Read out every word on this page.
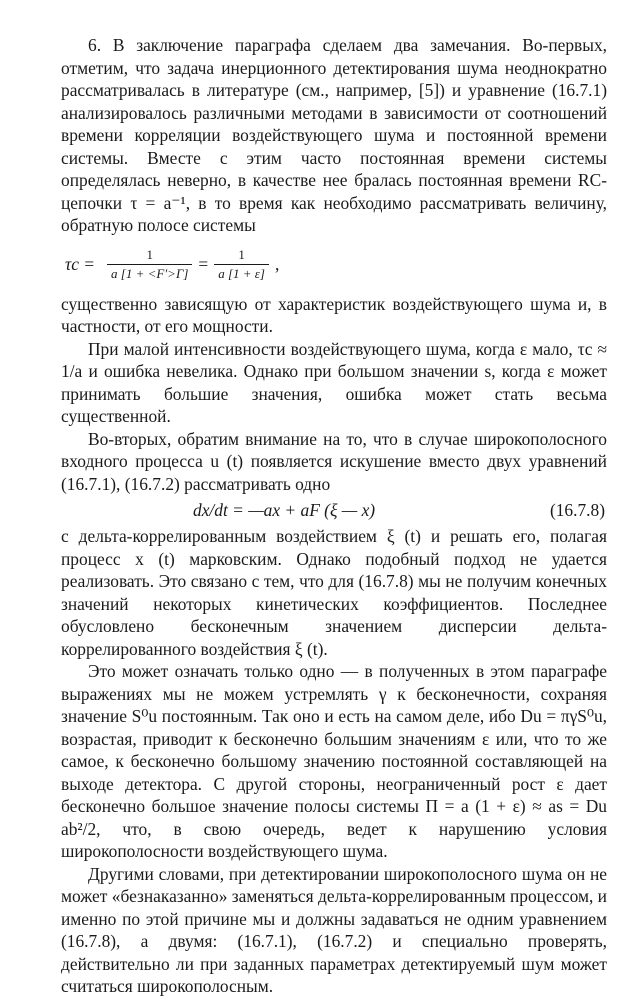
6. В заключение параграфа сделаем два замечания. Во-первых, отметим, что задача инерционного детектирования шума неоднократно рассматривалась в литературе (см., например, [5]) и уравнение (16.7.1) анализировалось различными методами в зависимости от соотношений времени корреляции воздействующего шума и постоянной времени системы. Вместе с этим часто постоянная времени системы определялась неверно, в качестве нее бралась постоянная времени RC-цепочки τ = a⁻¹, в то время как необходимо рассматривать величину, обратную полосе системы

$\tau c = \frac{1}{a [1 + <F'>\Gamma]} = \frac{1}{a [1 + \varepsilon]}$ ,

существенно зависящую от характеристик воздействующего шума и, в частности, от его мощности.

При малой интенсивности воздействующего шума, когда ε мало, τc ≈ 1/a и ошибка невелика. Однако при большом значении s, когда ε может принимать большие значения, ошибка может стать весьма существенной.

Во-вторых, обратим внимание на то, что в случае широкополосного входного процесса u (t) появляется искушение вместо двух уравнений (16.7.1), (16.7.2) рассматривать одно

dx/dt = —ax + aF (ξ — x)	(16.7.8)

с дельта-коррелированным воздействием ξ (t) и решать его, полагая процесс x (t) марковским. Однако подобный подход не удается реализовать. Это связано с тем, что для (16.7.8) мы не получим конечных значений некоторых кинетических коэффициентов. Последнее обусловлено бесконечным значением дисперсии дельта-коррелированного воздействия ξ (t).

Это может означать только одно — в полученных в этом параграфе выражениях мы не можем устремлять γ к бесконечности, сохраняя значение S⁰u постоянным. Так оно и есть на самом деле, ибо Du = πγS⁰u, возрастая, приводит к бесконечно большим значениям ε или, что то же самое, к бесконечно большому значению постоянной составляющей на выходе детектора. С другой стороны, неограниченный рост ε дает бесконечно большое значение полосы системы Π = a (1 + ε) ≈ as = Du ab²/2, что, в свою очередь, ведет к нарушению условия широкополосности воздействующего шума.

Другими словами, при детектировании широкополосного шума он не может «безнаказанно» заменяться дельта-коррелированным процессом, и именно по этой причине мы и должны задаваться не одним уравнением (16.7.8), а двумя: (16.7.1), (16.7.2) и специально проверять, действительно ли при заданных параметрах детектируемый шум может считаться широкополосным.
